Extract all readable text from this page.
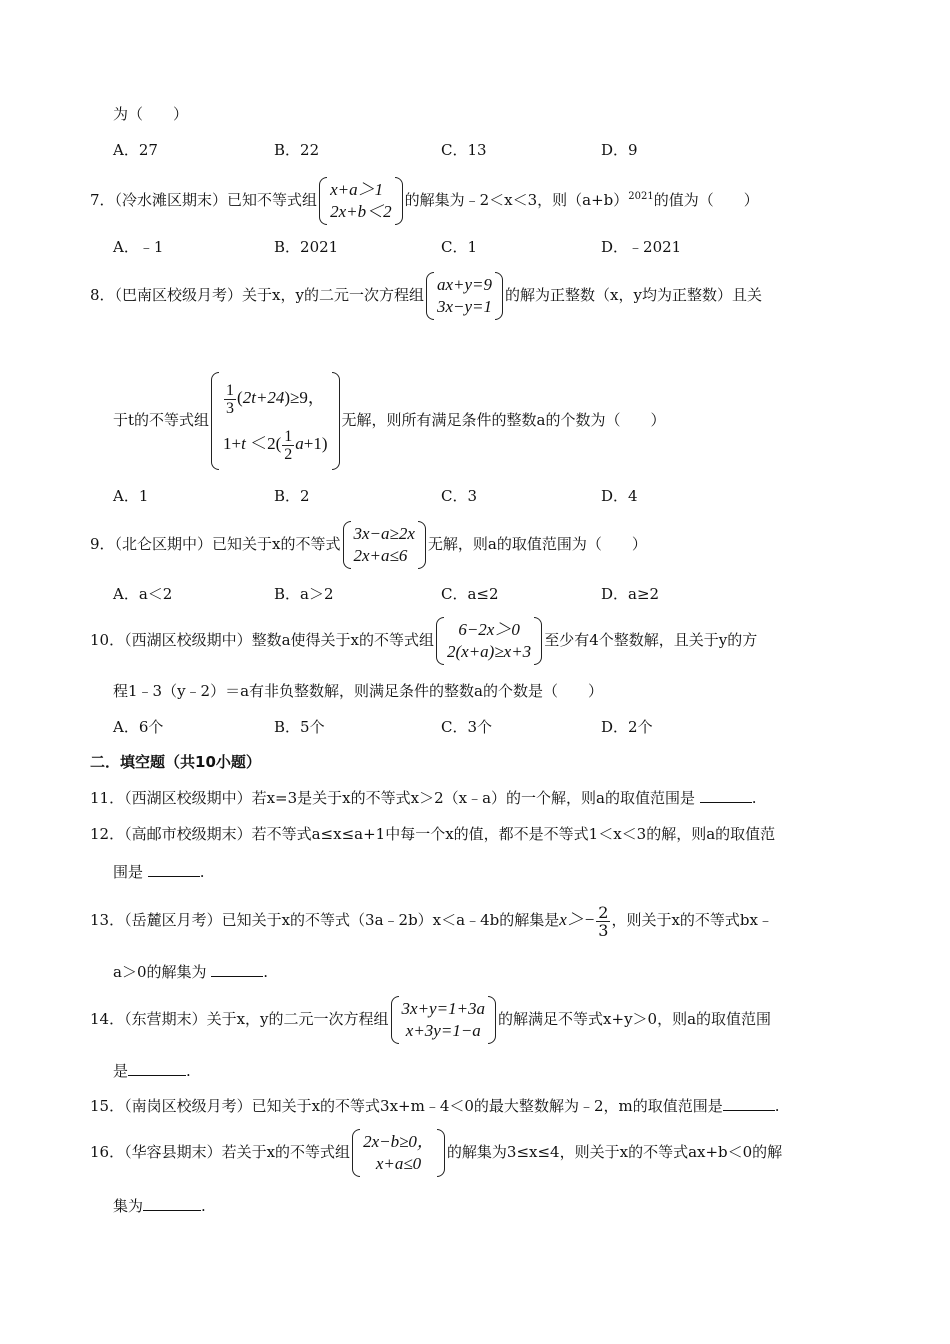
为（　　）
A．27	B．22	C．13	D．9
7．（冷水滩区期末）已知不等式组
x+a＞1
2x+b＜2
的解集为﹣2＜x＜3，则$(a+b)^{2021}$的值为（　　）
A．﹣1	B．2021	C．1	D．﹣2021
8．（巴南区校级月考）关于x，y的二元一次方程组
ax+y=9
3x−y=1
的解为正整数（x，y均为正整数）且关
于t的不等式组
$\frac{1}{3} (2t+24)\ge 9$，
$1+t <2( \frac{1}{2} a+1)$
无解，则所有满足条件的整数a的个数为（　　）
A．1	B．2	C．3	D．4
9．（北仑区期中）已知关于x的不等式
3x−a≥2x
2x+a≤6
无解，则a的取值范围为（　　）
A．a＜2	B．a＞2	C．a≤2	D．a≥2
10．（西湖区校级期中）整数a使得关于x的不等式组
6−2x＞0
2(x+a)≥x+3
至少有4个整数解，且关于y的方
程1﹣3（y﹣2）＝a有非负整数解，则满足条件的整数a的个数是（　　）
A．6个	B．5个	C．3个	D．2个
二．填空题（共10小题）
11．（西湖区校级期中）若x=3是关于x的不等式x＞2（x﹣a）的一个解，则a的取值范围是	.
12．（高邮市校级期末）若不等式a≤x≤a+1中每一个x的值，都不是不等式1＜x＜3的解，则a的取值范
围是	.
13．（岳麓区月考）已知关于x的不等式（3a﹣2b）x＜a﹣4b的解集是$x>- \frac{2}{3}$ ，则关于x的不等式bx﹣
a＞0的解集为	.
14．（东营期末）关于x，y的二元一次方程组
3x+y=1+3a
x+3y=1−a
的解满足不等式x+y＞0，则a的取值范围
是	.
15．（南岗区校级月考）已知关于x的不等式3x+m﹣4＜0的最大整数解为﹣2，m的取值范围是	.
16．（华容县期末）若关于x的不等式组
2x−b≥0，
x+a≤0
的解集为3≤x≤4，则关于x的不等式ax+b＜0的解
集为	.
